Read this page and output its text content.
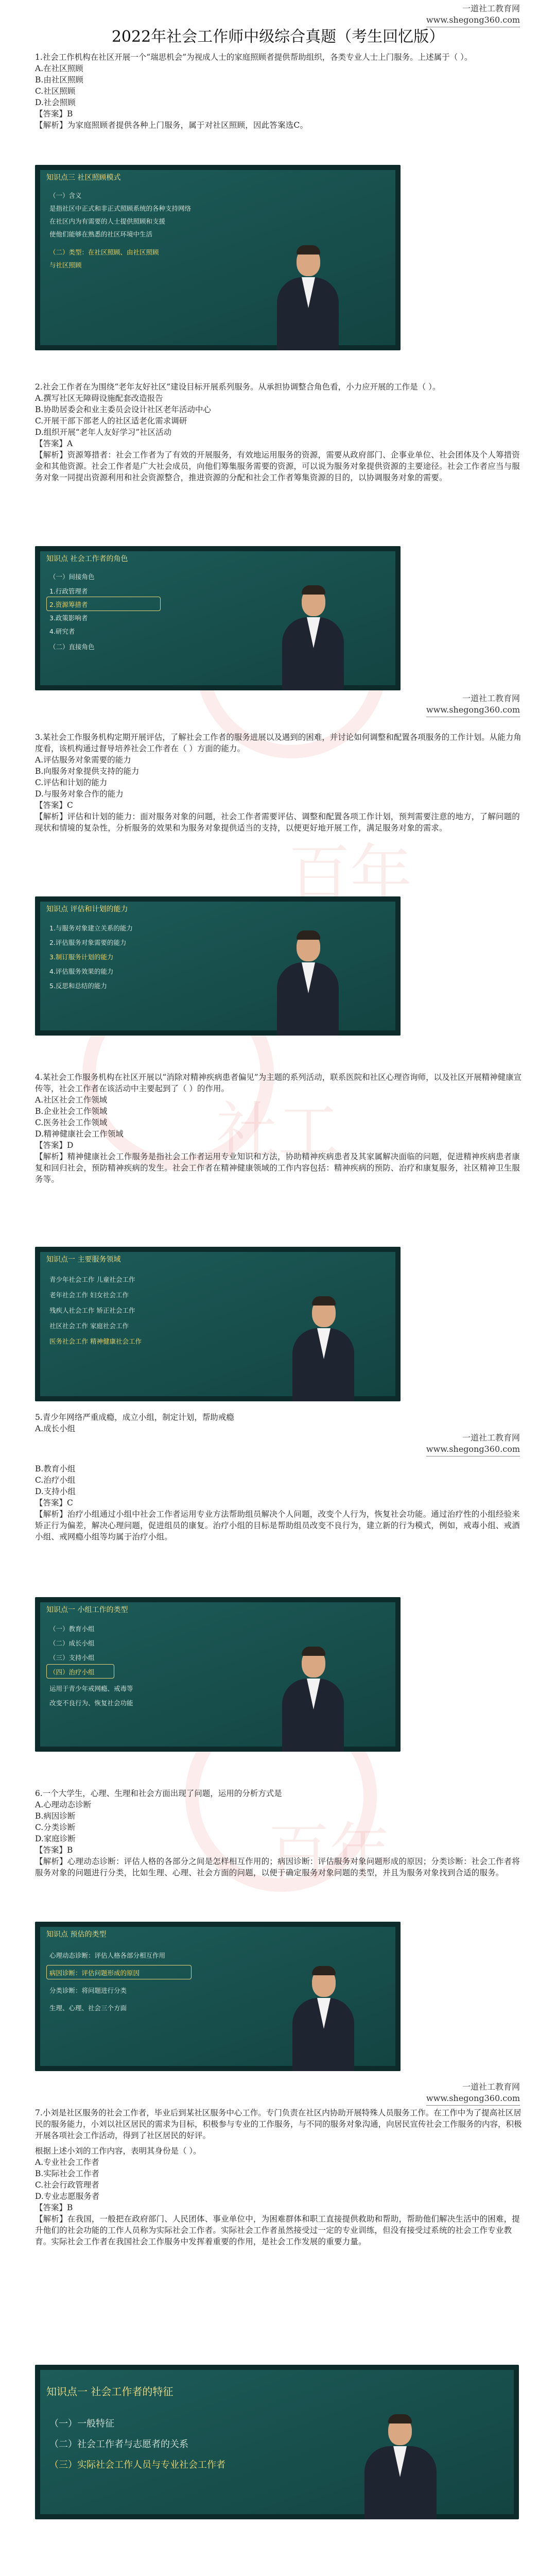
一道社工教育网
www.shegong360.com
2022年社会工作师中级综合真题（考生回忆版）
百年
社工
百年

1.社会工作机构在社区开展一个“瑞思机会”为视成人士的家庭照顾者提供帮助组织，各类专业人士上门服务。上述属于（ ）。

A.在社区照顾

B.由社区照顾

C.社区照顾

D.社会照顾

【答案】B

【解析】为家庭照顾者提供各种上门服务，属于对社区照顾，因此答案选C。

知识点三 社区照顾模式
（一）含义
是指社区中正式和非正式照顾系统的各种支持网络
在社区内为有需要的人士提供照顾和支援
使他们能够在熟悉的社区环境中生活
（二）类型：在社区照顾、由社区照顾
与社区照顾

2.社会工作者在为围绕“老年友好社区”建设目标开展系列服务。从承担协调整合角色看，小力应开展的工作是（ ）。

A.撰写社区无障碍设施配套改造报告

B.协助居委会和业主委员会设计社区老年活动中心

C.开展干部下部老人的社区适老化需求调研

D.组织开展“老年人友好学习”社区活动

【答案】A

【解析】资源筹措者：社会工作者为了有效的开展服务，有效地运用服务的资源，需要从政府部门、企事业单位、社会团体及个人筹措资金和其他资源。社会工作者是广大社会成员，向他们筹集服务需要的资源，可以说为服务对象提供资源的主要途径。社会工作者应当与服务对象一同提出资源利用和社会资源整合，推进资源的分配和社会工作者筹集资源的目的，以协调服务对象的需要。

知识点 社会工作者的角色
（一）间接角色
1.行政管理者
2.资源筹措者
3.政策影响者
4.研究者
（二）直接角色
一道社工教育网
www.shegong360.com

3.某社会工作服务机构定期开展评估，了解社会工作者的服务进展以及遇到的困难，并讨论如何调整和配置各项服务的工作计划。从能力角度看，该机构通过督导培养社会工作者在（ ）方面的能力。

A.评估服务对象需要的能力

B.向服务对象提供支持的能力

C.评估和计划的能力

D.与服务对象合作的能力

【答案】C

【解析】评估和计划的能力：面对服务对象的问题，社会工作者需要评估、调整和配置各项工作计划，预判需要注意的地方，了解问题的现状和情境的复杂性，分析服务的效果和为服务对象提供适当的支持，以便更好地开展工作，满足服务对象的需求。

知识点 评估和计划的能力
1.与服务对象建立关系的能力
2.评估服务对象需要的能力
3.制订服务计划的能力
4.评估服务效果的能力
5.反思和总结的能力

4.某社会工作服务机构在社区开展以“消除对精神疾病患者偏见”为主题的系列活动，联系医院和社区心理咨询师，以及社区开展精神健康宣传等，社会工作者在该活动中主要起到了（ ）的作用。

A.社区社会工作领域

B.企业社会工作领域

C.医务社会工作领域

D.精神健康社会工作领域

【答案】D

【解析】精神健康社会工作服务是指社会工作者运用专业知识和方法，协助精神疾病患者及其家属解决面临的问题，促进精神疾病患者康复和回归社会，预防精神疾病的发生。社会工作者在精神健康领域的工作内容包括：精神疾病的预防、治疗和康复服务，社区精神卫生服务等。

知识点一 主要服务领域
青少年社会工作 儿童社会工作
老年社会工作 妇女社会工作
残疾人社会工作 矫正社会工作
社区社会工作 家庭社会工作
医务社会工作 精神健康社会工作

5.青少年网络严重成瘾，成立小组，制定计划，帮助戒瘾

A.成长小组

一道社工教育网
www.shegong360.com

B.教育小组

C.治疗小组

D.支持小组

【答案】C

【解析】治疗小组通过小组中社会工作者运用专业方法帮助组员解决个人问题，改变个人行为，恢复社会功能。通过治疗性的小组经验来矫正行为偏差，解决心理问题，促进组员的康复。治疗小组的目标是帮助组员改变不良行为，建立新的行为模式，例如，戒毒小组、戒酒小组、戒网瘾小组等均属于治疗小组。

知识点一 小组工作的类型
（一）教育小组
（二）成长小组
（三）支持小组
（四）治疗小组
运用于青少年戒网瘾、戒毒等
改变不良行为、恢复社会功能

6.一个大学生，心理、生理和社会方面出现了问题，运用的分析方式是

A.心理动态诊断

B.病因诊断

C.分类诊断

D.家庭诊断

【答案】B

【解析】心理动态诊断：评估人格的各部分之间是怎样相互作用的；病因诊断：评估服务对象问题形成的原因；分类诊断：社会工作者将服务对象的问题进行分类，比如生理、心理、社会方面的问题，以便于确定服务对象问题的类型，并且为服务对象找到合适的服务。

知识点 预估的类型
心理动态诊断：评估人格各部分相互作用
病因诊断：评估问题形成的原因
分类诊断：将问题进行分类
生理、心理、社会三个方面
一道社工教育网
www.shegong360.com

7.小刘是社区服务的社会工作者，毕业后到某社区服务中心工作。专门负责在社区内协助开展特殊人员服务工作。在工作中为了提高社区居民的服务能力，小刘以社区居民的需求为目标，积极参与专业的工作服务，与不同的服务对象沟通，向居民宣传社会工作服务的内容，积极开展各项社会工作活动，得到了社区居民的好评。

根据上述小刘的工作内容，表明其身份是（ ）。

A.专业社会工作者

B.实际社会工作者

C.社会行政管理者

D.专业志愿服务者

【答案】B

【解析】在我国，一般把在政府部门、人民团体、事业单位中，为困难群体和职工直接提供救助和帮助，帮助他们解决生活中的困难，提升他们的社会功能的工作人员称为实际社会工作者。实际社会工作者虽然接受过一定的专业训练，但没有接受过系统的社会工作专业教育。实际社会工作者在我国社会工作服务中发挥着重要的作用，是社会工作发展的重要力量。

知识点一 社会工作者的特征
（一）一般特征
（二）社会工作者与志愿者的关系
（三）实际社会工作人员与专业社会工作者
